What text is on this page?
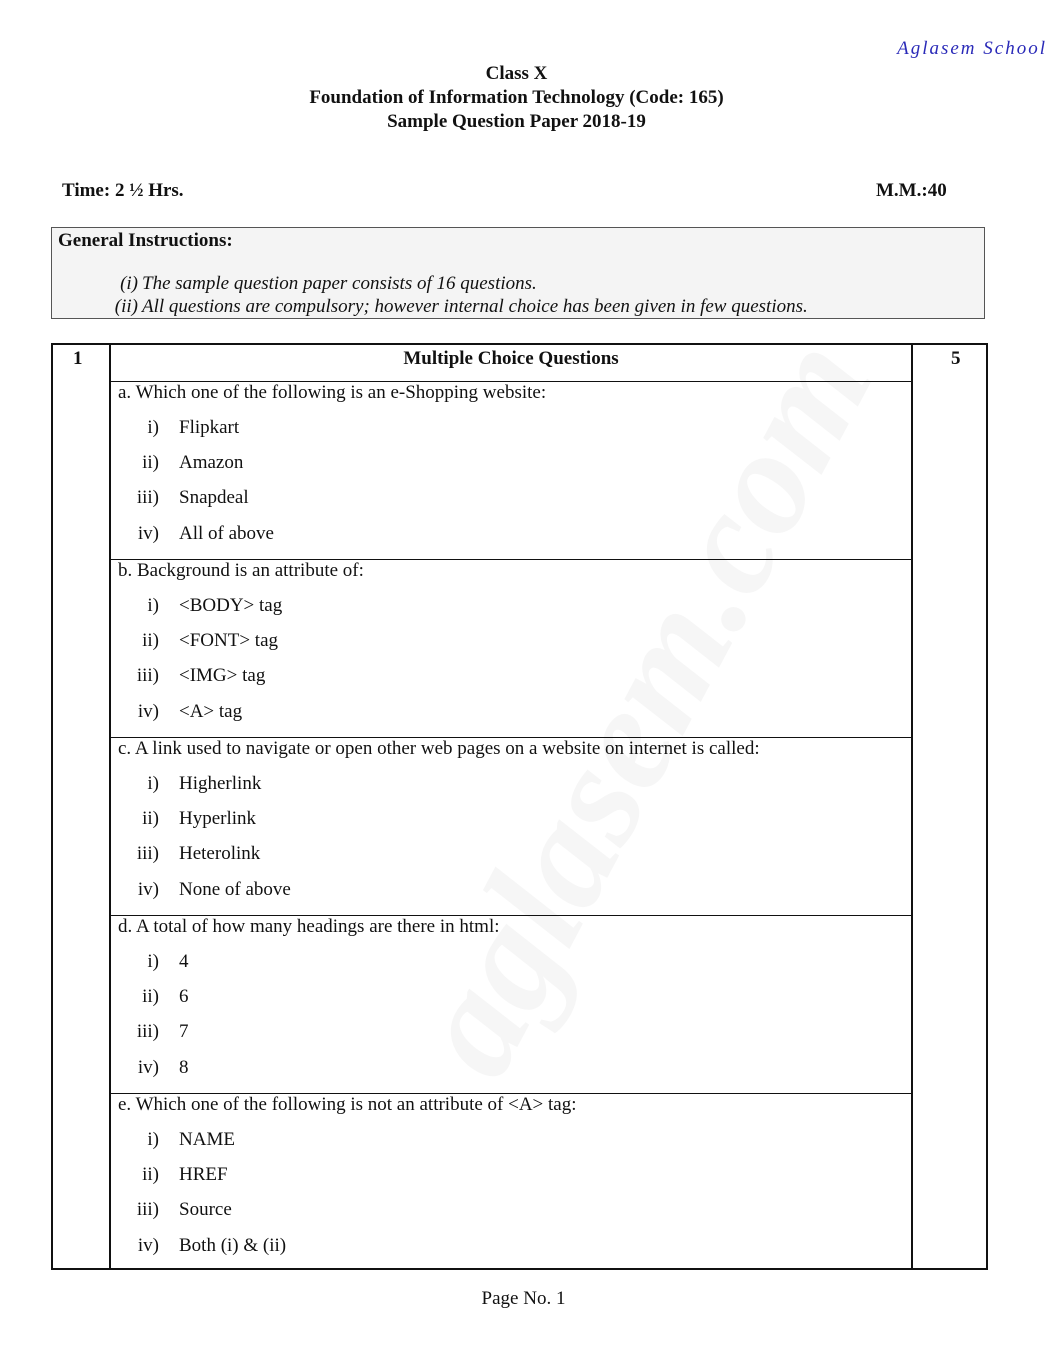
Aglasem School
Class X
Foundation of Information Technology (Code: 165)
Sample Question Paper 2018-19
Time: 2 ½ Hrs.	M.M.:40
General Instructions:
(i) The sample question paper consists of 16 questions.
(ii) All questions are compulsory; however internal choice has been given in few questions.
1	Multiple Choice Questions	5
a. Which one of the following is an e-Shopping website:
i) Flipkart
ii) Amazon
iii) Snapdeal
iv) All of above
b. Background is an attribute of:
i) <BODY> tag
ii) <FONT> tag
iii) <IMG> tag
iv) <A> tag
c. A link used to navigate or open other web pages on a website on internet is called:
i) Higherlink
ii) Hyperlink
iii) Heterolink
iv) None of above
d. A total of how many headings are there in html:
i) 4
ii) 6
iii) 7
iv) 8
e. Which one of the following is not an attribute of <A> tag:
i) NAME
ii) HREF
iii) Source
iv) Both (i) & (ii)
Page No. 1
